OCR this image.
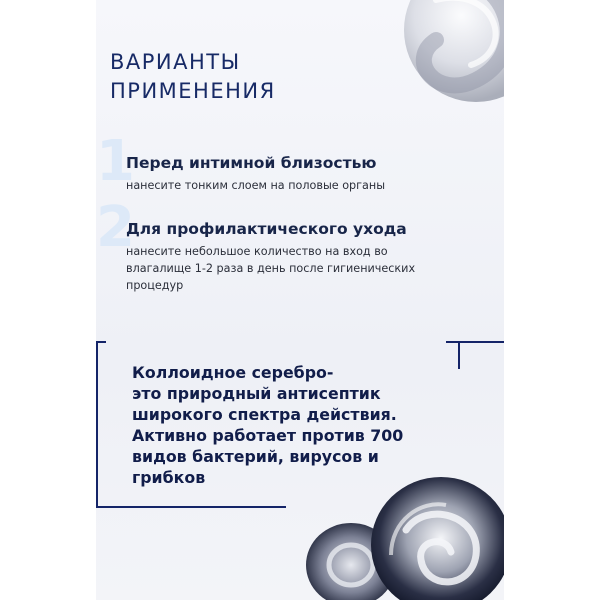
ВАРИАНТЫ
ПРИМЕНЕНИЯ
1
Перед интимной близостью
нанесите тонким слоем на половые органы
2
Для профилактического ухода
нанесите небольшое количество на вход во
влагалище 1-2 раза в день после гигиенических
процедур
Коллоидное серебро-
это природный антисептик
широкого спектра действия.
Активно работает против 700
видов бактерий, вирусов и
грибков
